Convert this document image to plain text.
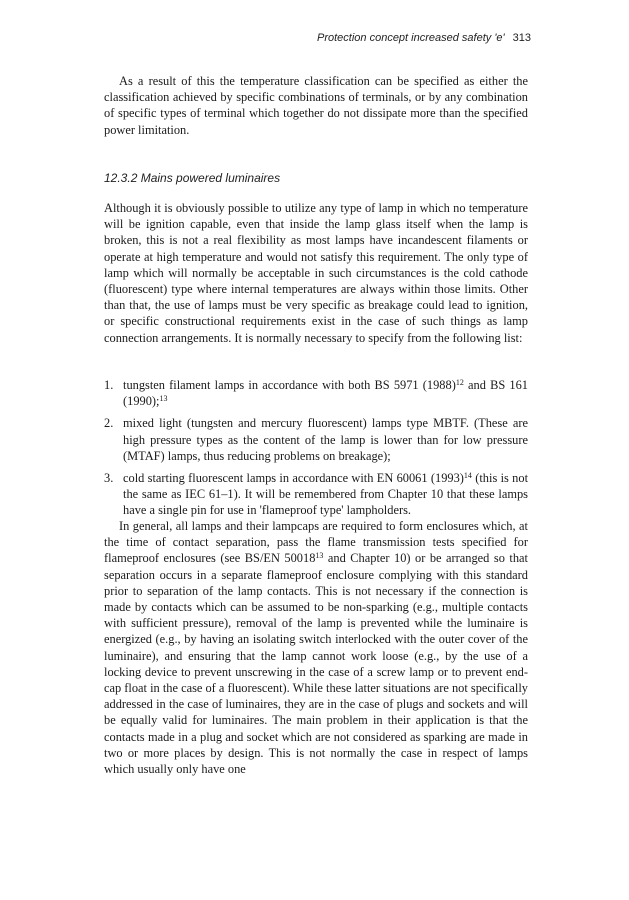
Protection concept increased safety 'e' 313

As a result of this the temperature classification can be specified as either the classification achieved by specific combinations of terminals, or by any combination of specific types of terminal which together do not dissipate more than the specified power limitation.

12.3.2 Mains powered luminaires

Although it is obviously possible to utilize any type of lamp in which no temperature will be ignition capable, even that inside the lamp glass itself when the lamp is broken, this is not a real flexibility as most lamps have incandescent filaments or operate at high temperature and would not satisfy this requirement. The only type of lamp which will normally be acceptable in such circumstances is the cold cathode (fluorescent) type where internal temperatures are always within those limits. Other than that, the use of lamps must be very specific as breakage could lead to ignition, or specific constructional requirements exist in the case of such things as lamp connection arrangements. It is normally necessary to specify from the following list:

1. tungsten filament lamps in accordance with both BS 5971 $(1988)^{12}$ and BS 161 (1990);$^{13}$
2. mixed light (tungsten and mercury fluorescent) lamps type MBTF. (These are high pressure types as the content of the lamp is lower than for low pressure (MTAF) lamps, thus reducing problems on breakage);
3. cold starting fluorescent lamps in accordance with EN 60061 $(1993)^{14}$ (this is not the same as IEC 61–1). It will be remembered from Chapter 10 that these lamps have a single pin for use in 'flameproof type' lampholders.

In general, all lamps and their lampcaps are required to form enclosures which, at the time of contact separation, pass the flame transmission tests specified for flameproof enclosures (see BS/EN 50018$^{13}$ and Chapter 10) or be arranged so that separation occurs in a separate flameproof enclosure complying with this standard prior to separation of the lamp contacts. This is not necessary if the connection is made by contacts which can be assumed to be non-sparking (e.g., multiple contacts with sufficient pressure), removal of the lamp is prevented while the luminaire is energized (e.g., by having an isolating switch interlocked with the outer cover of the luminaire), and ensuring that the lamp cannot work loose (e.g., by the use of a locking device to prevent unscrewing in the case of a screw lamp or to prevent end-cap float in the case of a fluorescent). While these latter situations are not specifically addressed in the case of luminaires, they are in the case of plugs and sockets and will be equally valid for luminaires. The main problem in their application is that the contacts made in a plug and socket which are not considered as sparking are made in two or more places by design. This is not normally the case in respect of lamps which usually only have one
